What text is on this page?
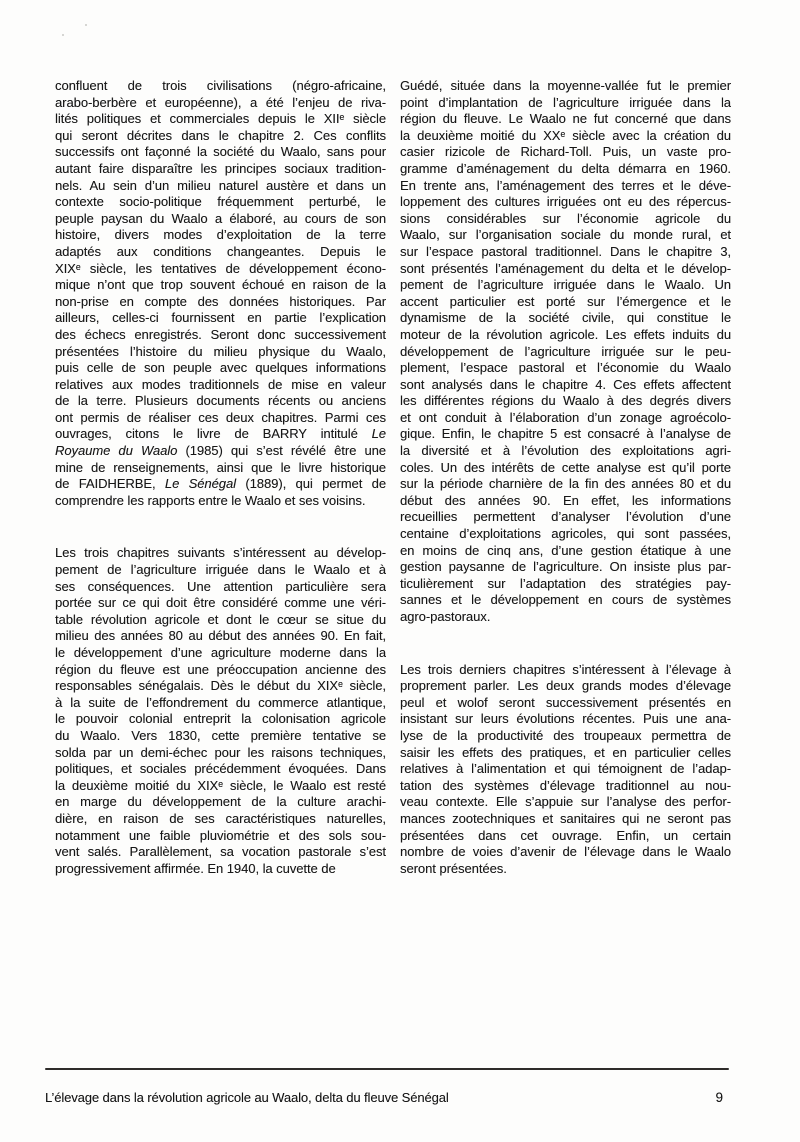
confluent de trois civilisations (négro-africaine,
arabo-berbère et européenne), a été l’enjeu de riva-
lités politiques et commerciales depuis le XIIᵉ siècle
qui seront décrites dans le chapitre 2. Ces conflits
successifs ont façonné la société du Waalo, sans pour
autant faire disparaître les principes sociaux tradition-
nels. Au sein d’un milieu naturel austère et dans un
contexte socio-politique fréquemment perturbé, le
peuple paysan du Waalo a élaboré, au cours de son
histoire, divers modes d’exploitation de la terre
adaptés aux conditions changeantes. Depuis le
XIXᵉ siècle, les tentatives de développement écono-
mique n’ont que trop souvent échoué en raison de la
non-prise en compte des données historiques. Par
ailleurs, celles-ci fournissent en partie l’explication
des échecs enregistrés. Seront donc successivement
présentées l’histoire du milieu physique du Waalo,
puis celle de son peuple avec quelques informations
relatives aux modes traditionnels de mise en valeur
de la terre. Plusieurs documents récents ou anciens
ont permis de réaliser ces deux chapitres. Parmi ces
ouvrages, citons le livre de BARRY intitulé Le
Royaume du Waalo (1985) qui s’est révélé être une
mine de renseignements, ainsi que le livre historique
de FAIDHERBE, Le Sénégal (1889), qui permet de
comprendre les rapports entre le Waalo et ses voisins.
Les trois chapitres suivants s’intéressent au dévelop-
pement de l’agriculture irriguée dans le Waalo et à
ses conséquences. Une attention particulière sera
portée sur ce qui doit être considéré comme une véri-
table révolution agricole et dont le cœur se situe du
milieu des années 80 au début des années 90. En fait,
le développement d’une agriculture moderne dans la
région du fleuve est une préoccupation ancienne des
responsables sénégalais. Dès le début du XIXᵉ siècle,
à la suite de l’effondrement du commerce atlantique,
le pouvoir colonial entreprit la colonisation agricole
du Waalo. Vers 1830, cette première tentative se
solda par un demi-échec pour les raisons techniques,
politiques, et sociales précédemment évoquées. Dans
la deuxième moitié du XIXᵉ siècle, le Waalo est resté
en marge du développement de la culture arachi-
dière, en raison de ses caractéristiques naturelles,
notamment une faible pluviométrie et des sols sou-
vent salés. Parallèlement, sa vocation pastorale s’est
progressivement affirmée. En 1940, la cuvette de
Guédé, située dans la moyenne-vallée fut le premier
point d’implantation de l’agriculture irriguée dans la
région du fleuve. Le Waalo ne fut concerné que dans
la deuxième moitié du XXᵉ siècle avec la création du
casier rizicole de Richard-Toll. Puis, un vaste pro-
gramme d’aménagement du delta démarra en 1960.
En trente ans, l’aménagement des terres et le déve-
loppement des cultures irriguées ont eu des répercus-
sions considérables sur l’économie agricole du
Waalo, sur l’organisation sociale du monde rural, et
sur l’espace pastoral traditionnel. Dans le chapitre 3,
sont présentés l’aménagement du delta et le dévelop-
pement de l’agriculture irriguée dans le Waalo. Un
accent particulier est porté sur l’émergence et le
dynamisme de la société civile, qui constitue le
moteur de la révolution agricole. Les effets induits du
développement de l’agriculture irriguée sur le peu-
plement, l’espace pastoral et l’économie du Waalo
sont analysés dans le chapitre 4. Ces effets affectent
les différentes régions du Waalo à des degrés divers
et ont conduit à l’élaboration d’un zonage agroécolo-
gique. Enfin, le chapitre 5 est consacré à l’analyse de
la diversité et à l’évolution des exploitations agri-
coles. Un des intérêts de cette analyse est qu’il porte
sur la période charnière de la fin des années 80 et du
début des années 90. En effet, les informations
recueillies permettent d’analyser l’évolution d’une
centaine d’exploitations agricoles, qui sont passées,
en moins de cinq ans, d’une gestion étatique à une
gestion paysanne de l’agriculture. On insiste plus par-
ticulièrement sur l’adaptation des stratégies pay-
sannes et le développement en cours de systèmes
agro-pastoraux.
Les trois derniers chapitres s’intéressent à l’élevage à
proprement parler. Les deux grands modes d’élevage
peul et wolof seront successivement présentés en
insistant sur leurs évolutions récentes. Puis une ana-
lyse de la productivité des troupeaux permettra de
saisir les effets des pratiques, et en particulier celles
relatives à l’alimentation et qui témoignent de l’adap-
tation des systèmes d’élevage traditionnel au nou-
veau contexte. Elle s’appuie sur l’analyse des perfor-
mances zootechniques et sanitaires qui ne seront pas
présentées dans cet ouvrage. Enfin, un certain
nombre de voies d’avenir de l’élevage dans le Waalo
seront présentées.
L’élevage dans la révolution agricole au Waalo, delta du fleuve Sénégal	9
